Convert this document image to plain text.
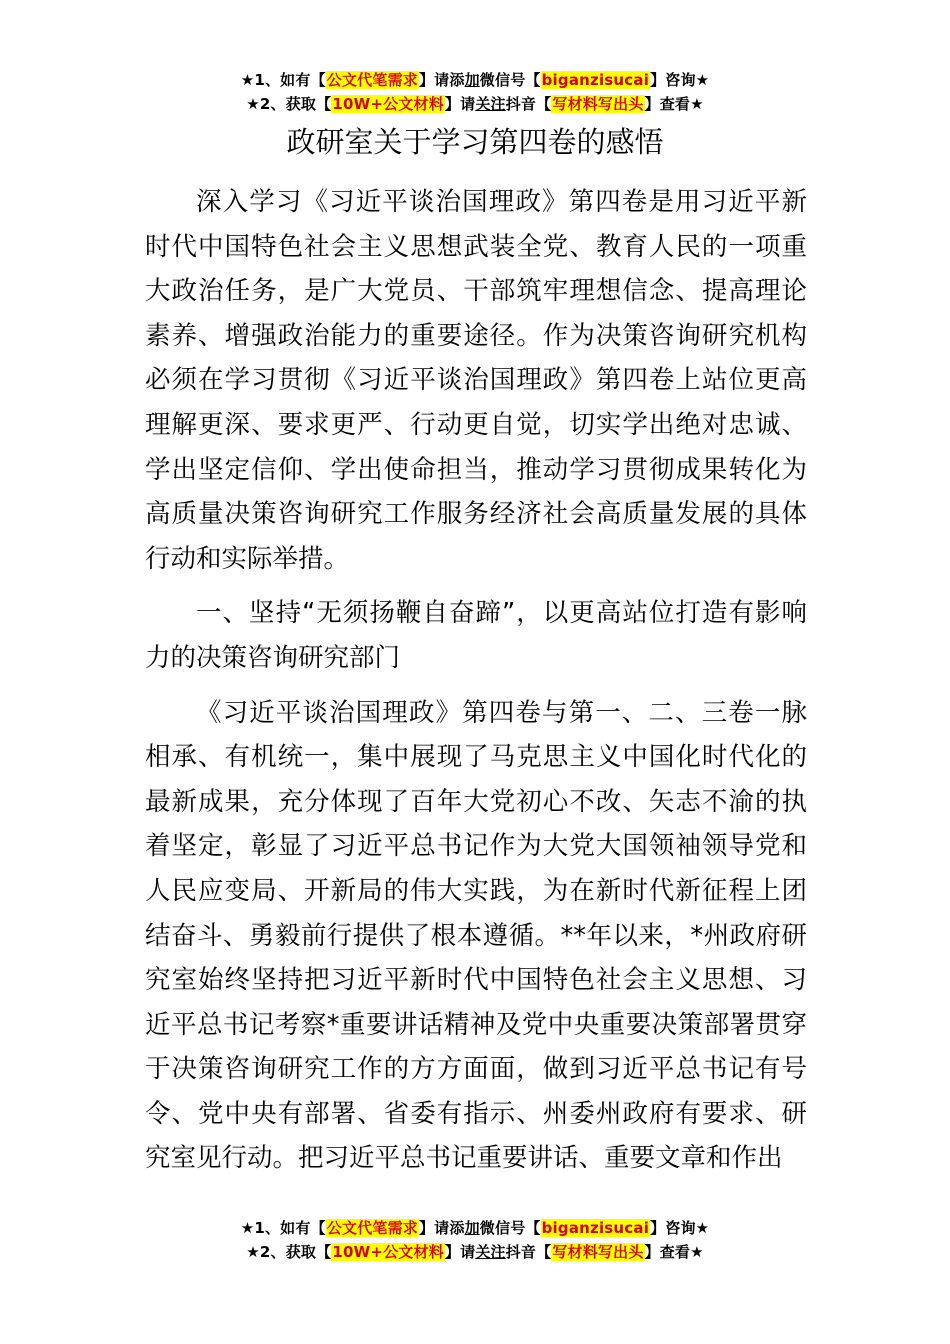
★1、如有【公文代笔需求】请添加微信号【biganzisucai】咨询★
★2、获取【10W+公文材料】请关注抖音【写材料写出头】查看★
政研室关于学习第四卷的感悟

深入学习《习近平谈治国理政》第四卷是用习近平新时代中国特色社会主义思想武装全党、教育人民的一项重大政治任务，是广大党员、干部筑牢理想信念、提高理论素养、增强政治能力的重要途径。作为决策咨询研究机构必须在学习贯彻《习近平谈治国理政》第四卷上站位更高理解更深、要求更严、行动更自觉，切实学出绝对忠诚、学出坚定信仰、学出使命担当，推动学习贯彻成果转化为高质量决策咨询研究工作服务经济社会高质量发展的具体行动和实际举措。

一、坚持“无须扬鞭自奋蹄”，以更高站位打造有影响力的决策咨询研究部门

《习近平谈治国理政》第四卷与第一、二、三卷一脉相承、有机统一，集中展现了马克思主义中国化时代化的最新成果，充分体现了百年大党初心不改、矢志不渝的执着坚定，彰显了习近平总书记作为大党大国领袖领导党和人民应变局、开新局的伟大实践，为在新时代新征程上团结奋斗、勇毅前行提供了根本遵循。**年以来，*州政府研究室始终坚持把习近平新时代中国特色社会主义思想、习近平总书记考察*重要讲话精神及党中央重要决策部署贯穿于决策咨询研究工作的方方面面，做到习近平总书记有号令、党中央有部署、省委有指示、州委州政府有要求、研究室见行动。把习近平总书记重要讲话、重要文章和作出

★1、如有【公文代笔需求】请添加微信号【biganzisucai】咨询★
★2、获取【10W+公文材料】请关注抖音【写材料写出头】查看★
